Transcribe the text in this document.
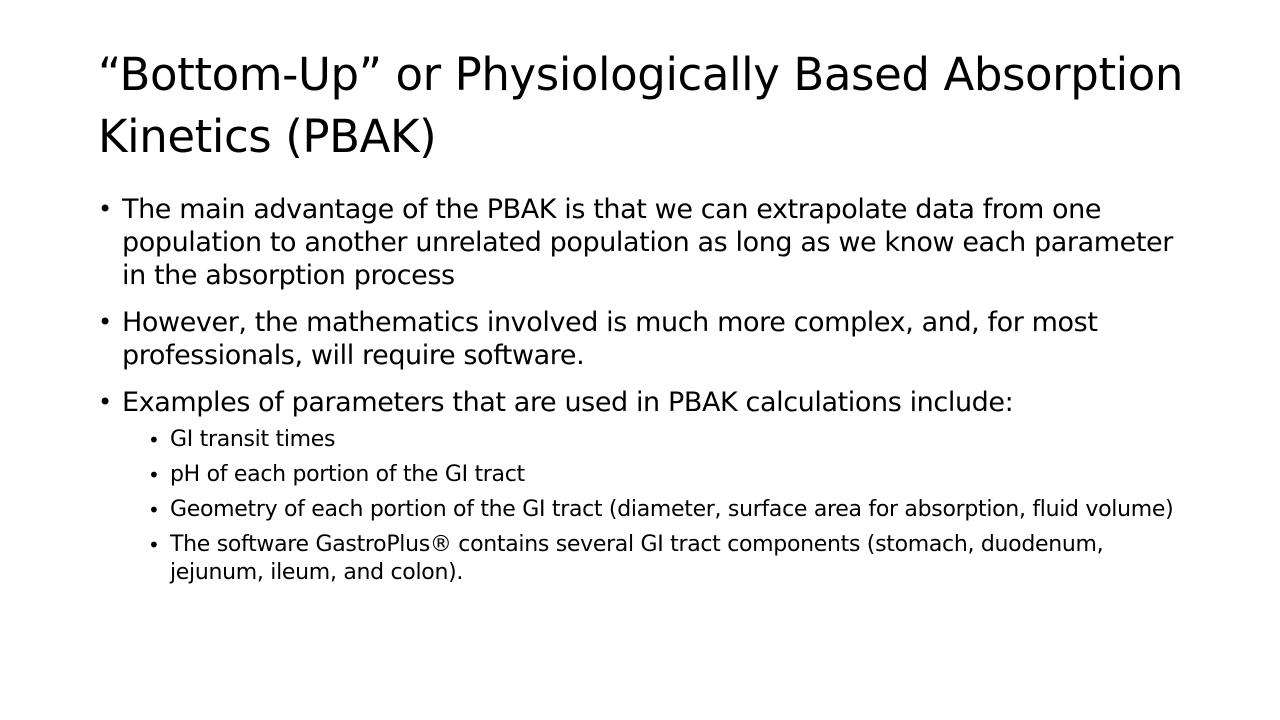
“Bottom-Up” or Physiologically Based Absorption Kinetics (PBAK)
• The main advantage of the PBAK is that we can extrapolate data from one population to another unrelated population as long as we know each parameter in the absorption process
• However, the mathematics involved is much more complex, and, for most professionals, will require software.
• Examples of parameters that are used in PBAK calculations include:
• GI transit times
• pH of each portion of the GI tract
• Geometry of each portion of the GI tract (diameter, surface area for absorption, fluid volume)
• The software GastroPlus® contains several GI tract components (stomach, duodenum, jejunum, ileum, and colon).
